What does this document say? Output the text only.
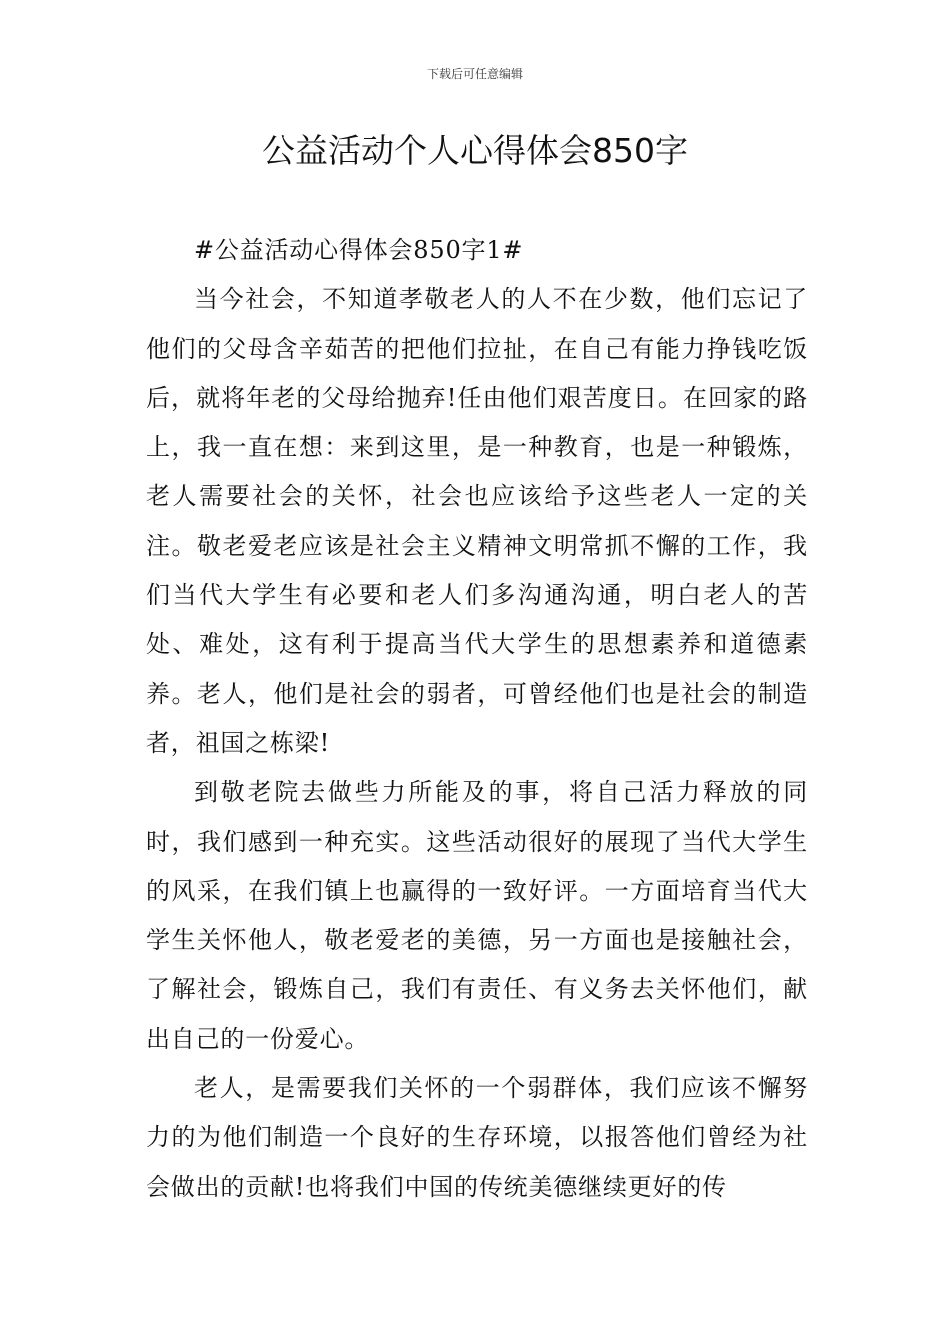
下载后可任意编辑
公益活动个人心得体会850字

#公益活动心得体会850字1#

当今社会，不知道孝敬老人的人不在少数，他们忘记了他们的父母含辛茹苦的把他们拉扯，在自己有能力挣钱吃饭后，就将年老的父母给抛弃!任由他们艰苦度日。在回家的路上，我一直在想：来到这里，是一种教育，也是一种锻炼，老人需要社会的关怀，社会也应该给予这些老人一定的关注。敬老爱老应该是社会主义精神文明常抓不懈的工作，我们当代大学生有必要和老人们多沟通沟通，明白老人的苦处、难处，这有利于提高当代大学生的思想素养和道德素养。老人，他们是社会的弱者，可曾经他们也是社会的制造者，祖国之栋梁!

到敬老院去做些力所能及的事，将自己活力释放的同时，我们感到一种充实。这些活动很好的展现了当代大学生的风采，在我们镇上也赢得的一致好评。一方面培育当代大学生关怀他人，敬老爱老的美德，另一方面也是接触社会，了解社会，锻炼自己，我们有责任、有义务去关怀他们，献出自己的一份爱心。

老人，是需要我们关怀的一个弱群体，我们应该不懈努力的为他们制造一个良好的生存环境，以报答他们曾经为社会做出的贡献!也将我们中国的传统美德继续更好的传
